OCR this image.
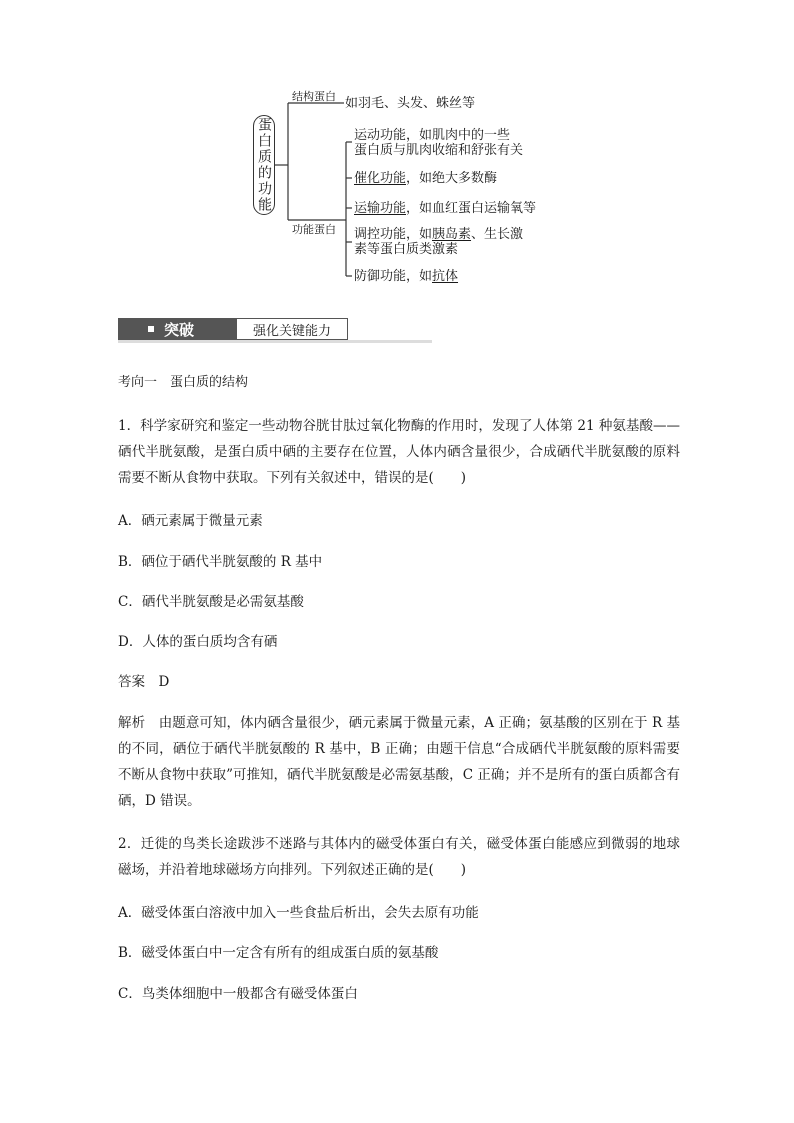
蛋白质的功能
结构蛋白 如羽毛、头发、蛛丝等
功能蛋白
运动功能，如肌肉中的一些
蛋白质与肌肉收缩和舒张有关
催化功能，如绝大多数酶
运输功能，如血红蛋白运输氧等
调控功能，如胰岛素、生长激
素等蛋白质类激素
防御功能，如抗体
突破	强化关键能力
考向一　蛋白质的结构
1．科学家研究和鉴定一些动物谷胱甘肽过氧化物酶的作用时，发现了人体第 21 种氨基酸——硒代半胱氨酸，是蛋白质中硒的主要存在位置，人体内硒含量很少，合成硒代半胱氨酸的原料需要不断从食物中获取。下列有关叙述中，错误的是(　　)
A．硒元素属于微量元素
B．硒位于硒代半胱氨酸的 R 基中
C．硒代半胱氨酸是必需氨基酸
D．人体的蛋白质均含有硒
答案　D
解析　由题意可知，体内硒含量很少，硒元素属于微量元素，A 正确；氨基酸的区别在于 R 基的不同，硒位于硒代半胱氨酸的 R 基中，B 正确；由题干信息“合成硒代半胱氨酸的原料需要不断从食物中获取”可推知，硒代半胱氨酸是必需氨基酸，C 正确；并不是所有的蛋白质都含有硒，D 错误。
2．迁徙的鸟类长途跋涉不迷路与其体内的磁受体蛋白有关，磁受体蛋白能感应到微弱的地球磁场，并沿着地球磁场方向排列。下列叙述正确的是(　　)
A．磁受体蛋白溶液中加入一些食盐后析出，会失去原有功能
B．磁受体蛋白中一定含有所有的组成蛋白质的氨基酸
C．鸟类体细胞中一般都含有磁受体蛋白
